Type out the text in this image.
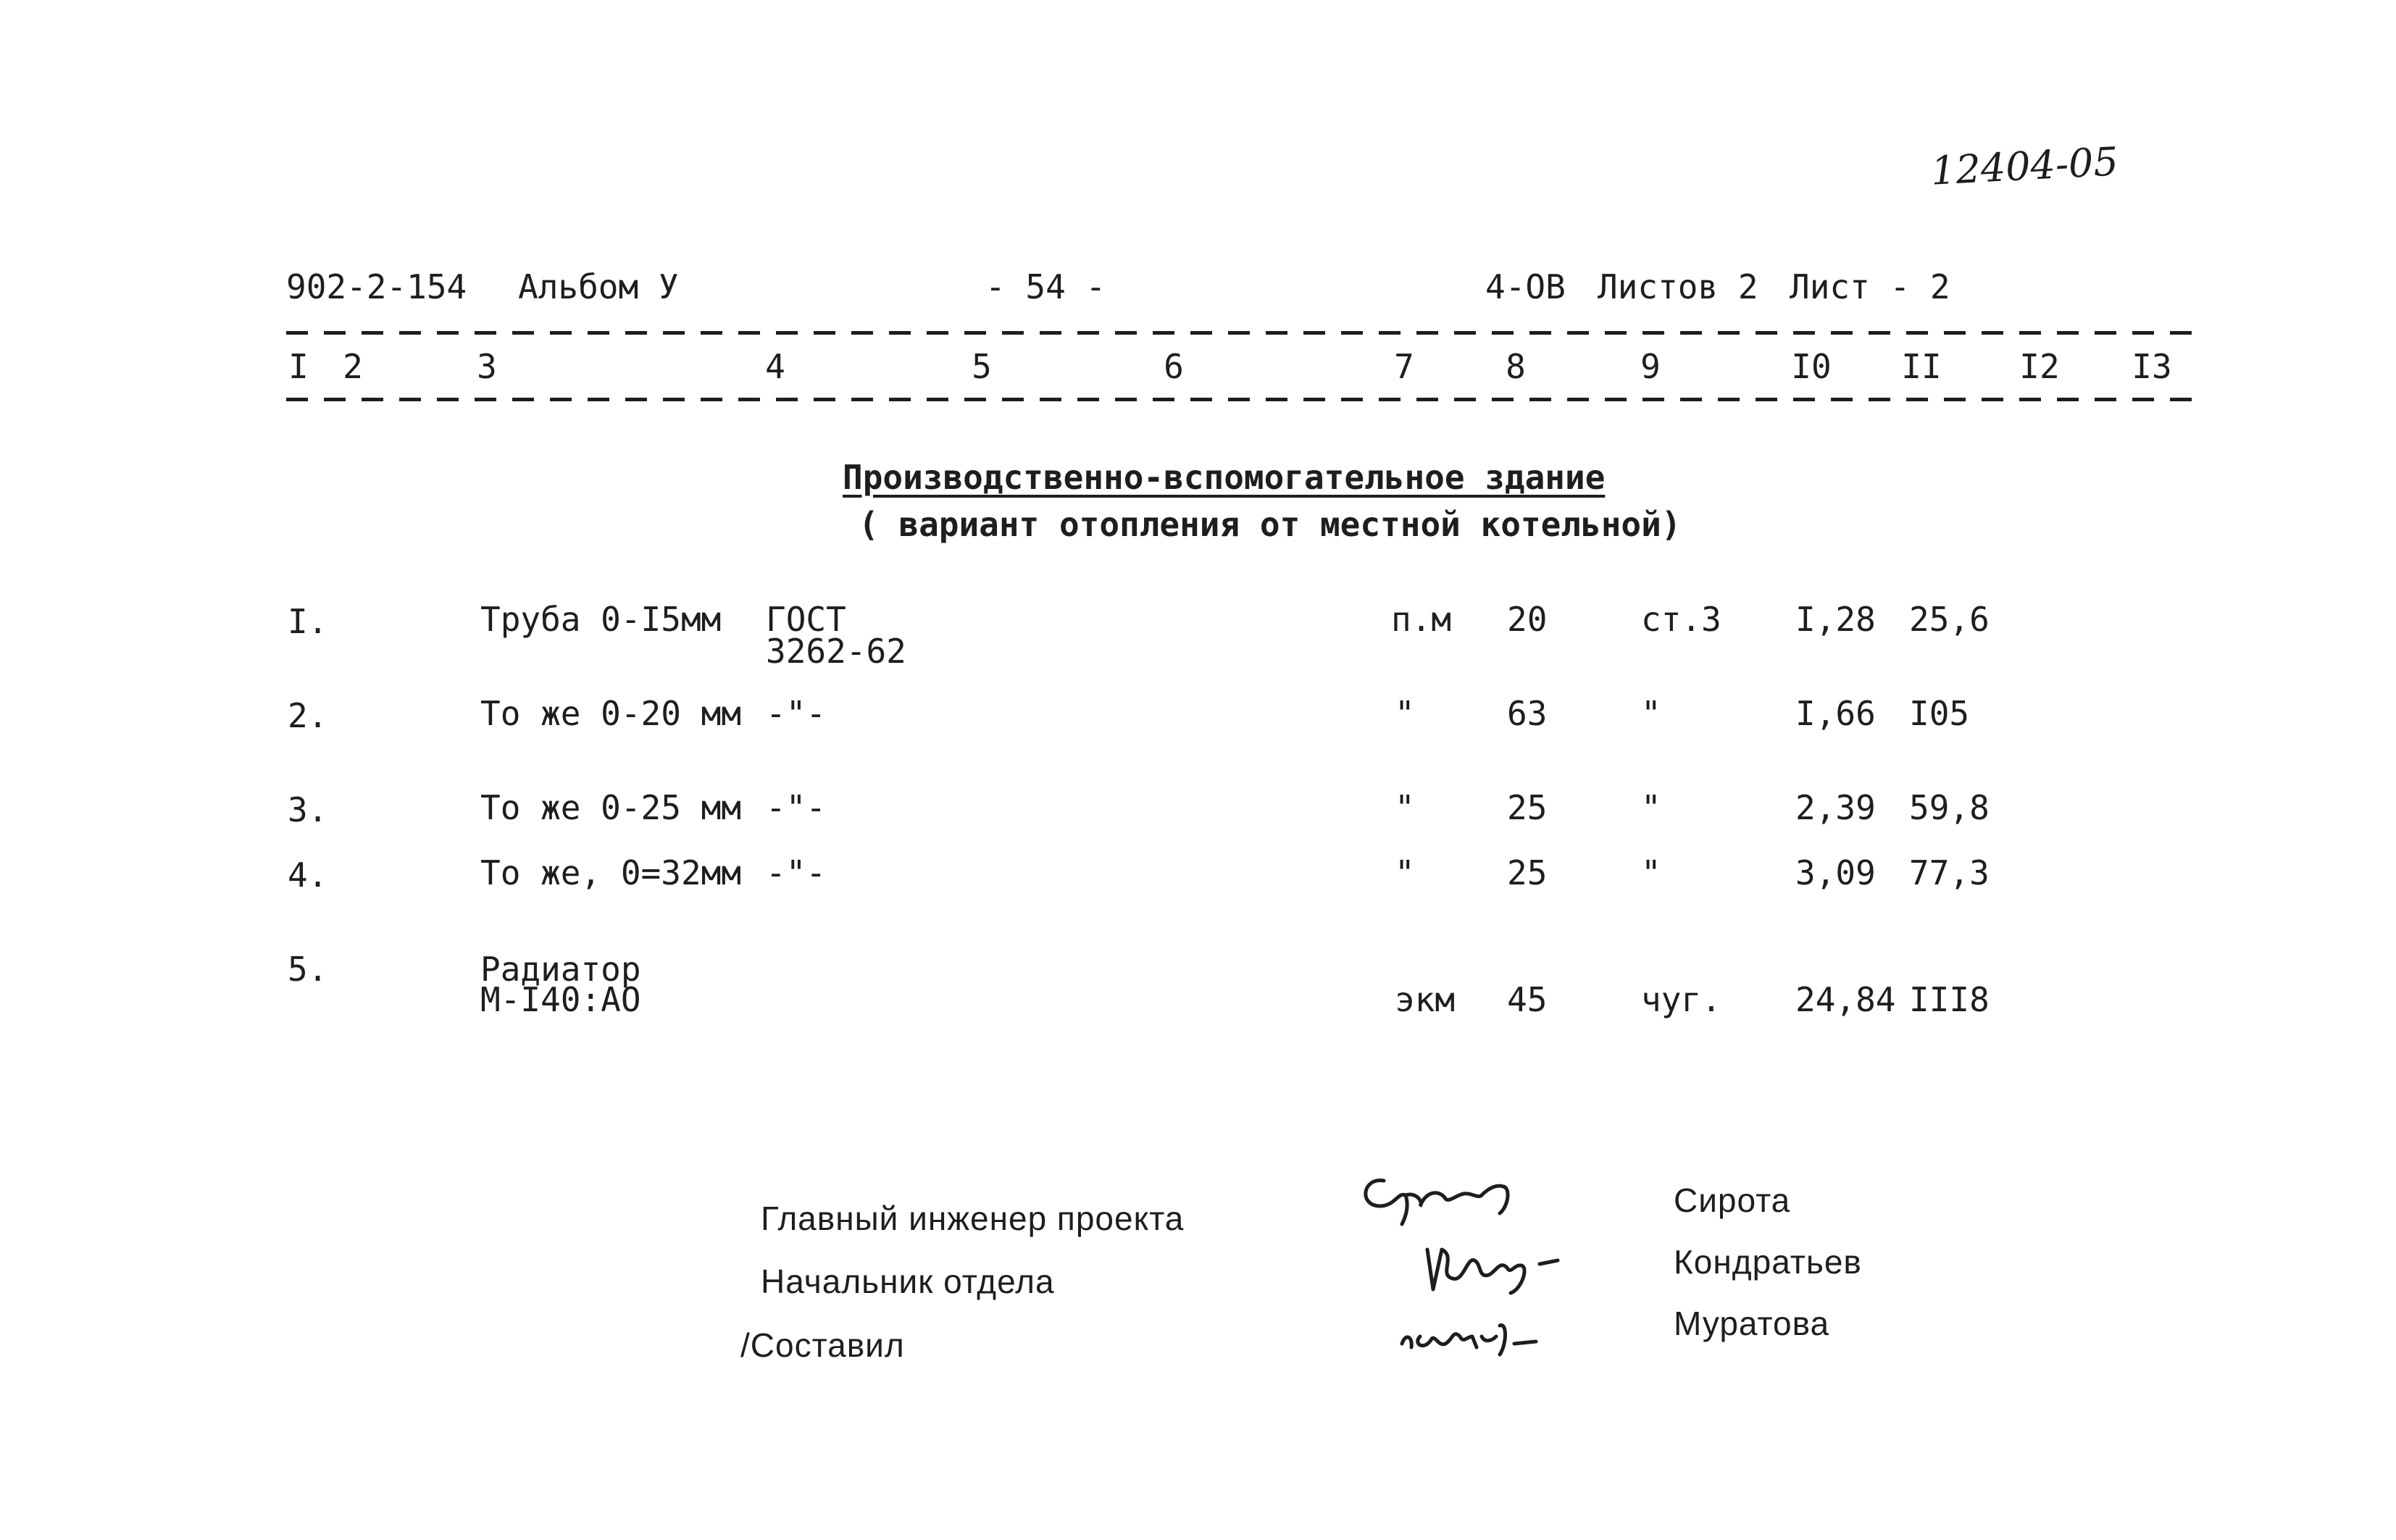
12404-05
902-2-154 Альбом У	- 54 -	4-ОВ Листов 2 Лист - 2
I 2	3	4	5	6	7	8	9	I0 II I2 I3
Производственно-вспомогательное здание
( вариант отопления от местной котельной)
I.	Труба 0-I5мм ГОСТ
3262-62
п.м 20	ст.3 I,28 25,6
2.	То же 0-20 мм -"-	"	63	"	I,66 I05
3.	То же 0-25 мм -"-	"	25	"	2,39 59,8
4.	То же, 0=32мм -"-	"	25	"	3,09 77,3
5.	Радиатор
М-I40:АО	экм 45	чуг. 24,84 III8
Главный инженер проекта
Начальник отдела
/Составил
Сирота
Кондратьев
Муратова
